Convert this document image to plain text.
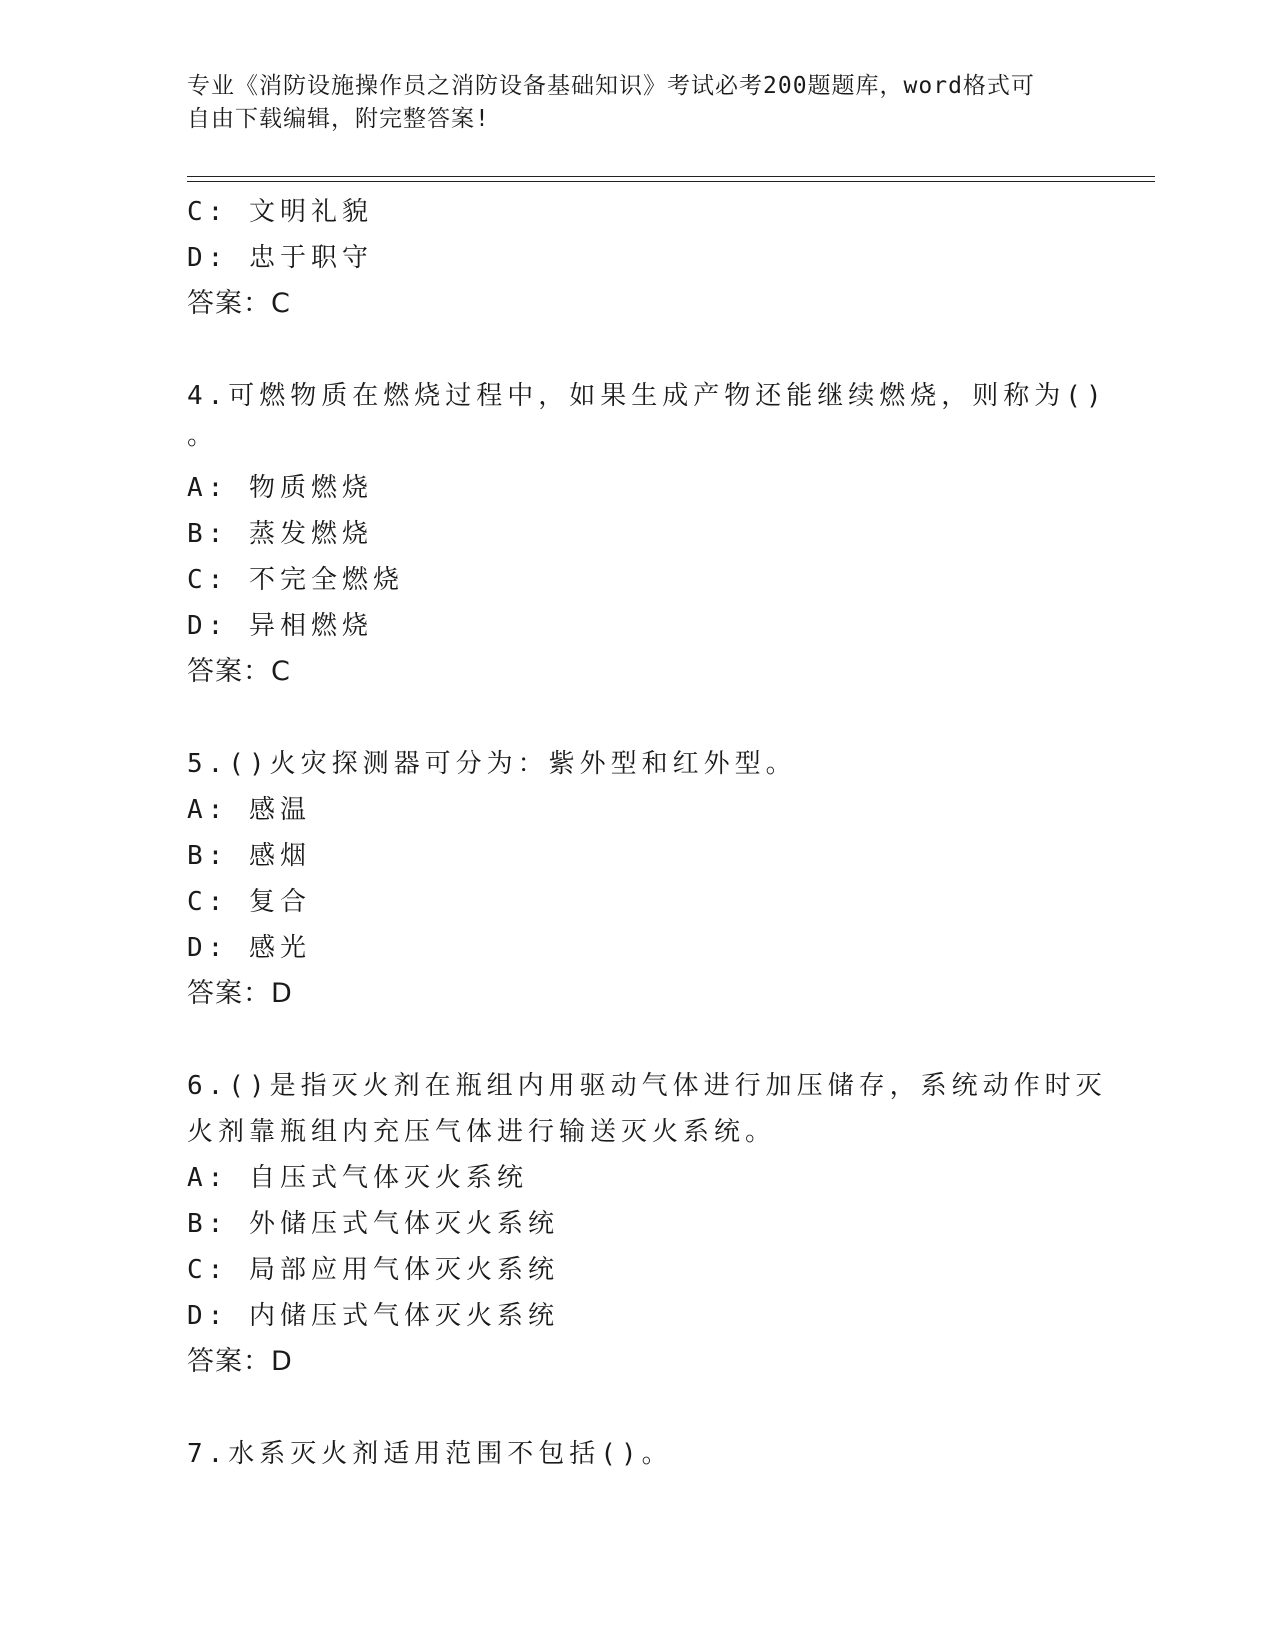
专业《消防设施操作员之消防设备基础知识》考试必考200题题库，word格式可
自由下载编辑，附完整答案!
C: 文明礼貌
D: 忠于职守
答案：C
4.可燃物质在燃烧过程中，如果生成产物还能继续燃烧，则称为()
。
A: 物质燃烧
B: 蒸发燃烧
C: 不完全燃烧
D: 异相燃烧
答案：C
5.()火灾探测器可分为：紫外型和红外型。
A: 感温
B: 感烟
C: 复合
D: 感光
答案：D
6.()是指灭火剂在瓶组内用驱动气体进行加压储存，系统动作时灭
火剂靠瓶组内充压气体进行输送灭火系统。
A: 自压式气体灭火系统
B: 外储压式气体灭火系统
C: 局部应用气体灭火系统
D: 内储压式气体灭火系统
答案：D
7.水系灭火剂适用范围不包括()。
